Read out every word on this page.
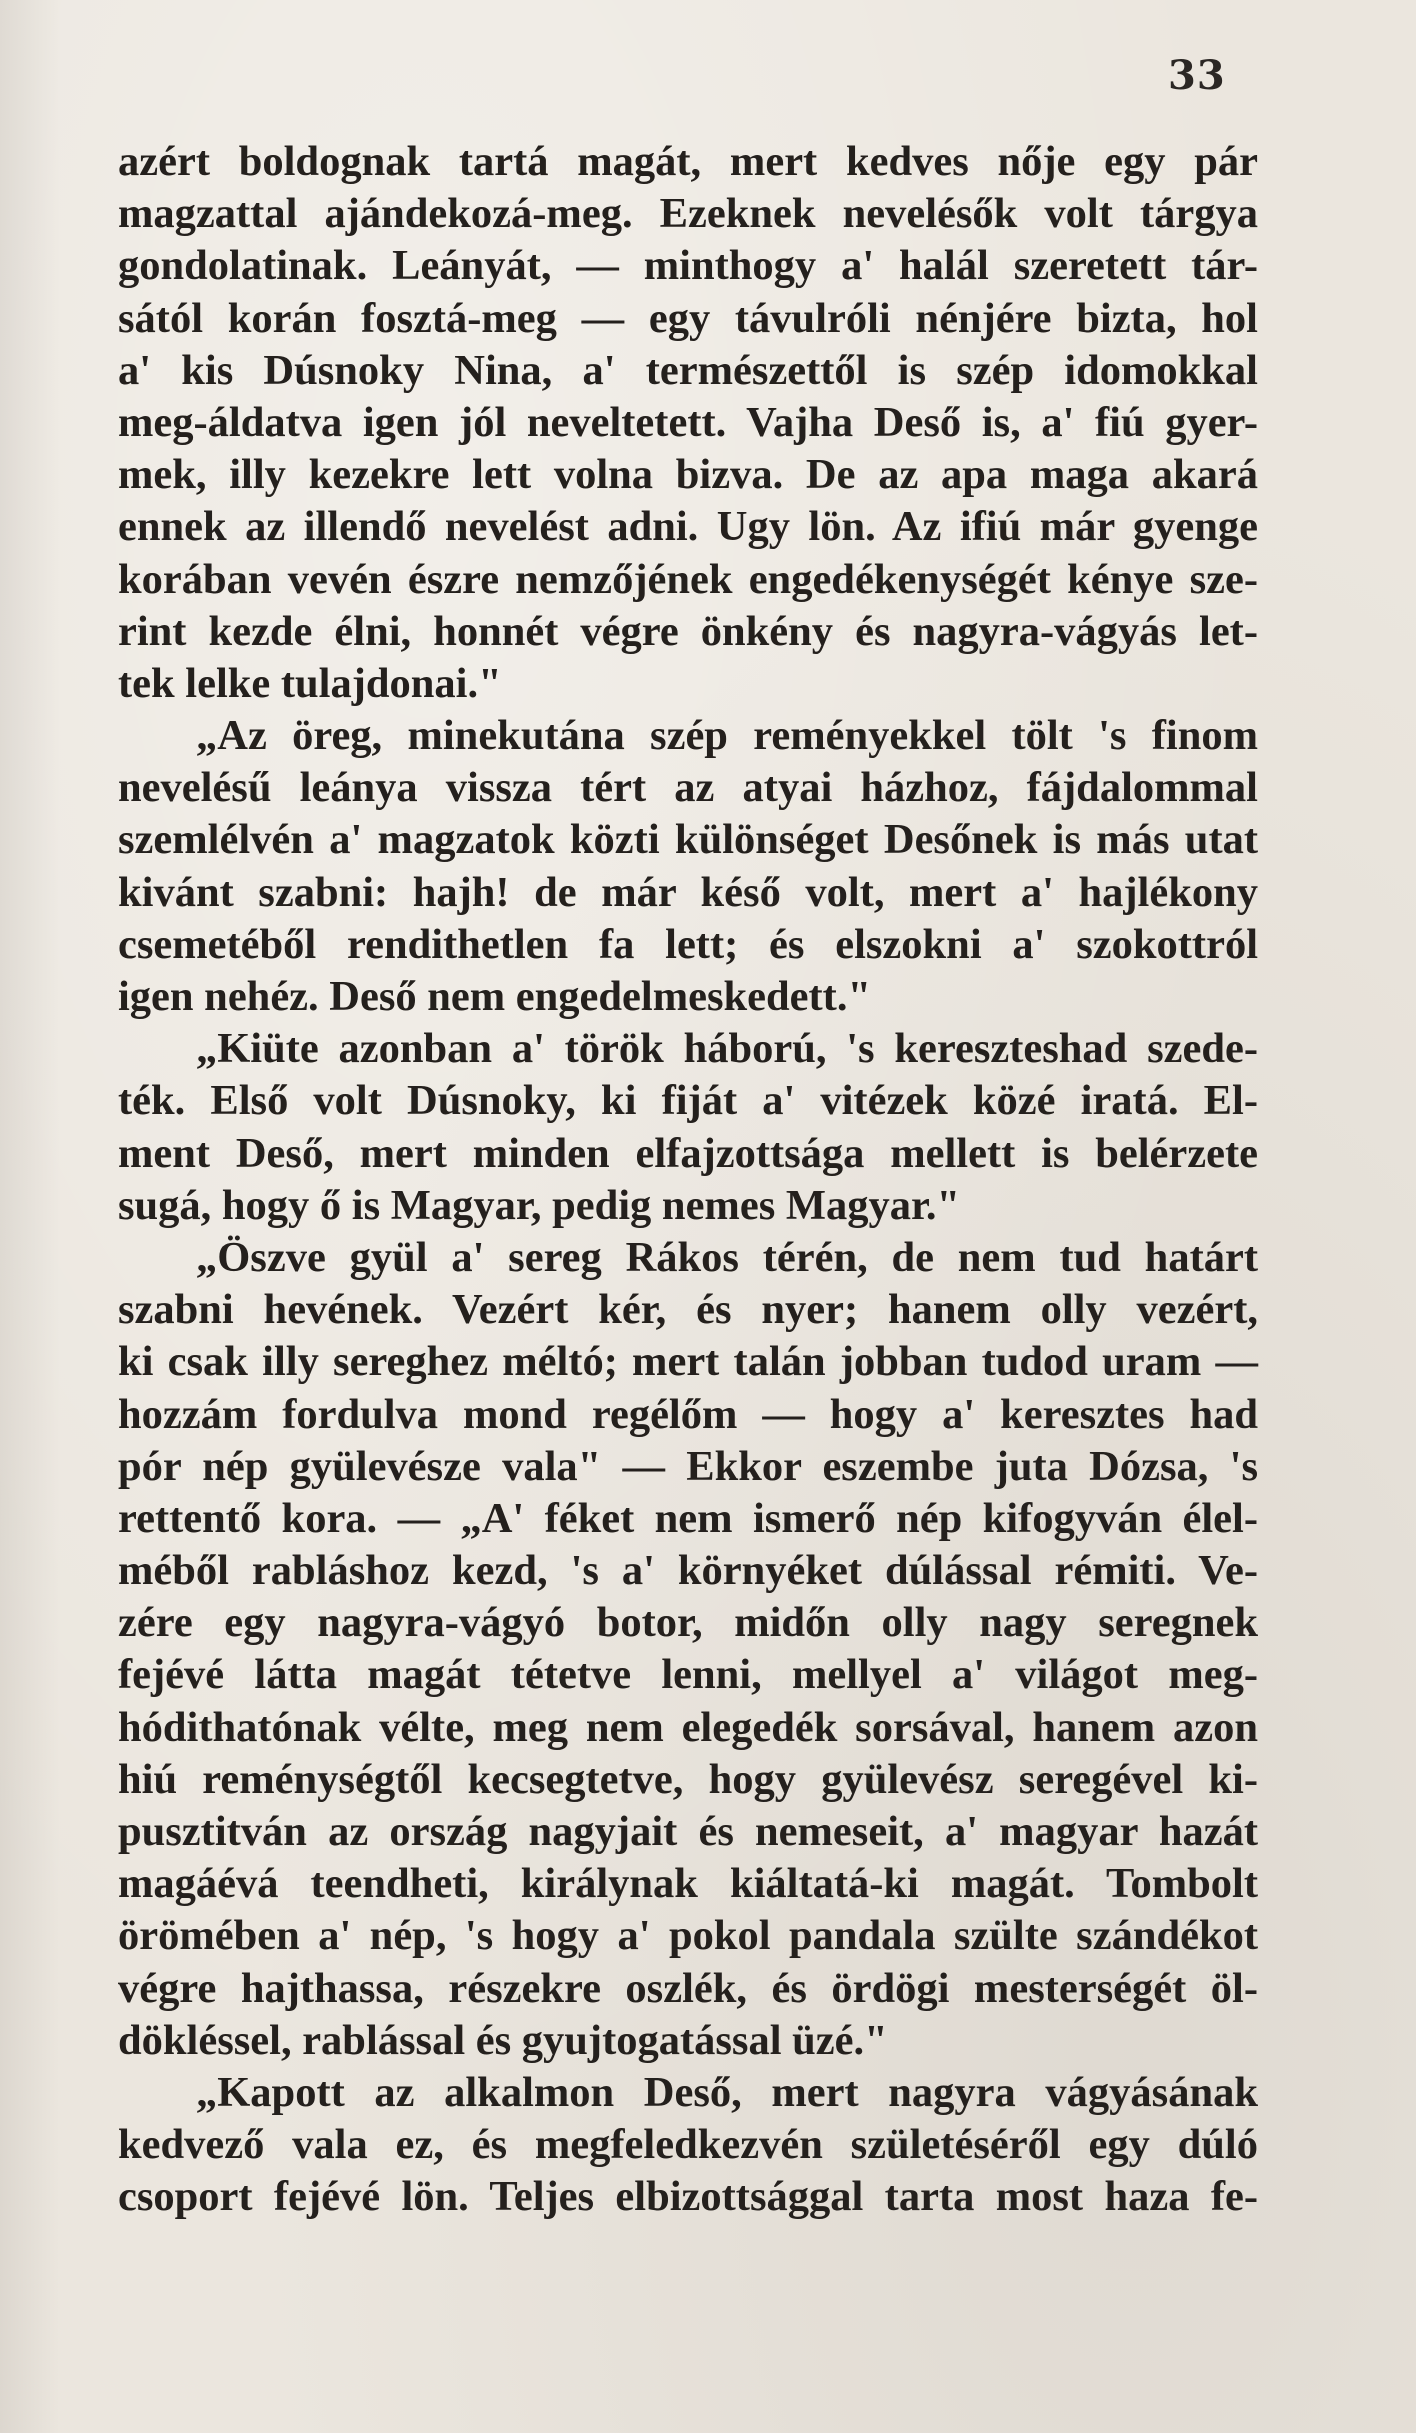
33
azért boldognak tartá magát, mert kedves nője egy pár
magzattal ajándekozá-meg. Ezeknek nevelésők volt tárgya
gondolatinak. Leányát, — minthogy a' halál szeretett tár-
sától korán fosztá-meg — egy távulróli nénjére bizta, hol
a' kis Dúsnoky Nina, a' természettől is szép idomokkal
meg-áldatva igen jól neveltetett. Vajha Deső is, a' fiú gyer-
mek, illy kezekre lett volna bizva. De az apa maga akará
ennek az illendő nevelést adni. Ugy lön. Az ifiú már gyenge
korában vevén észre nemzőjének engedékenységét kénye sze-
rint kezde élni, honnét végre önkény és nagyra-vágyás let-
tek lelke tulajdonai."
„Az öreg, minekutána szép reményekkel tölt 's finom
nevelésű leánya vissza tért az atyai házhoz, fájdalommal
szemlélvén a' magzatok közti különséget Desőnek is más utat
kivánt szabni: hajh! de már késő volt, mert a' hajlékony
csemetéből rendithetlen fa lett; és elszokni a' szokottról
igen nehéz. Deső nem engedelmeskedett."
„Kiüte azonban a' török háború, 's kereszteshad szede-
ték. Első volt Dúsnoky, ki fiját a' vitézek közé iratá. El-
ment Deső, mert minden elfajzottsága mellett is belérzete
sugá, hogy ő is Magyar, pedig nemes Magyar."
„Öszve gyül a' sereg Rákos térén, de nem tud határt
szabni hevének. Vezért kér, és nyer; hanem olly vezért,
ki csak illy sereghez méltó; mert talán jobban tudod uram —
hozzám fordulva mond regélőm — hogy a' keresztes had
pór nép gyülevésze vala" — Ekkor eszembe juta Dózsa, 's
rettentő kora. — „A' féket nem ismerő nép kifogyván élel-
méből rabláshoz kezd, 's a' környéket dúlással rémiti. Ve-
zére egy nagyra-vágyó botor, midőn olly nagy seregnek
fejévé látta magát tétetve lenni, mellyel a' világot meg-
hódithatónak vélte, meg nem elegedék sorsával, hanem azon
hiú reménységtől kecsegtetve, hogy gyülevész seregével ki-
pusztitván az ország nagyjait és nemeseit, a' magyar hazát
magáévá teendheti, királynak kiáltatá-ki magát. Tombolt
örömében a' nép, 's hogy a' pokol pandala szülte szándékot
végre hajthassa, részekre oszlék, és ördögi mesterségét öl-
dökléssel, rablással és gyujtogatással üzé."
„Kapott az alkalmon Deső, mert nagyra vágyásának
kedvező vala ez, és megfeledkezvén születéséről egy dúló
csoport fejévé lön. Teljes elbizottsággal tarta most haza fe-
